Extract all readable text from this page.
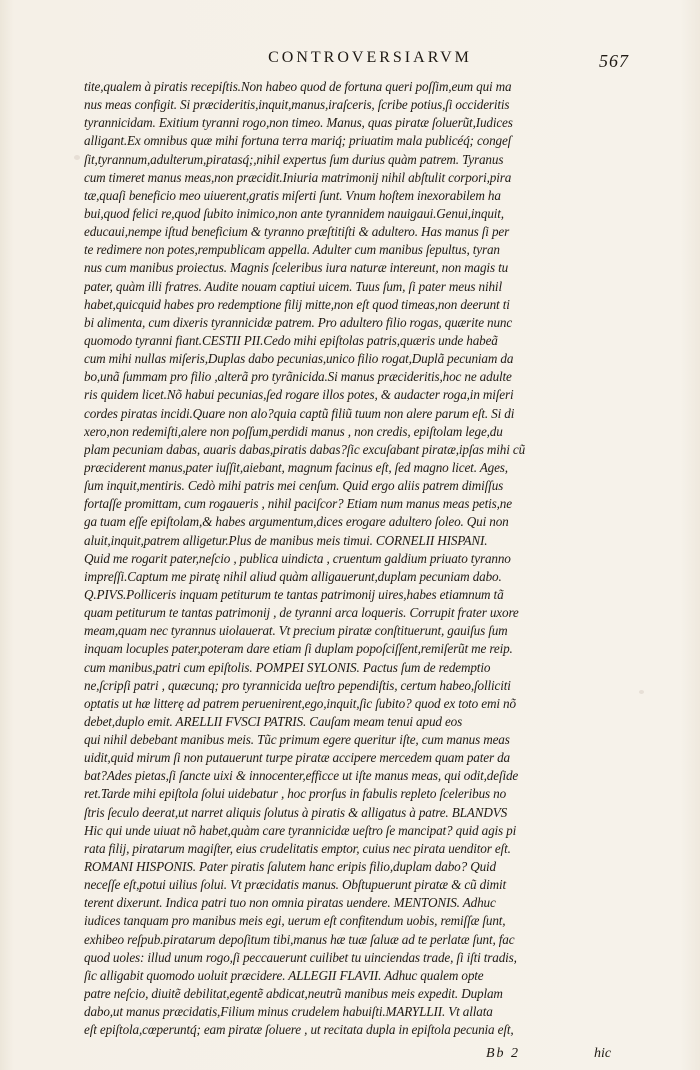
CONTROVERSIARVM	567
tite,qualem à piratis recepiſtis.Non habeo quod de fortuna queri poſſim,eum qui ma
nus meas configit. Si præcideritis,inquit,manus,iraſceris, ſcribe potius,ſi occideritis
tyrannicidam. Exitium tyranni rogo,non timeo. Manus, quas piratæ ſoluerũt,Iudices
alligant.Ex omnibus quæ mihi fortuna terra mariq́; priuatim mala publicéq́; congeſ
ſit,tyrannum,adulterum,piratasq́;,nihil expertus ſum durius quàm patrem. Tyranus
cum timeret manus meas,non præcidit.Iniuria matrimonij nihil abſtulit corpori,pira
tæ,quaſi beneficio meo uiuerent,gratis miſerti ſunt. Vnum hoſtem inexorabilem ha
bui,quod felici re,quod ſubito inimico,non ante tyrannidem nauigaui.Genui,inquit,
educaui,nempe iſtud beneficium & tyranno præſtitiſti & adultero. Has manus ſi per
te redimere non potes,rempublicam appella. Adulter cum manibus ſepultus, tyran
nus cum manibus proiectus. Magnis ſceleribus iura naturæ intereunt, non magis tu
pater, quàm illi fratres. Audite nouam captiui uicem. Tuus ſum, ſi pater meus nihil
habet,quicquid habes pro redemptione filij mitte,non eſt quod timeas,non deerunt ti
bi alimenta, cum dixeris tyrannicidæ patrem. Pro adultero filio rogas, quærite nunc
quomodo tyranni fiant.CESTII PII.Cedo mihi epiſtolas patris,quæris unde habeã
cum mihi nullas miſeris,Duplas dabo pecunias,unico filio rogat,Duplã pecuniam da
bo,unã ſummam pro filio ,alterã pro tyrãnicida.Si manus præcideritis,hoc ne adulte
ris quidem licet.Nõ habui pecunias,ſed rogare illos potes, & audacter roga,in miſeri
cordes piratas incidi.Quare non alo?quia captũ filiũ tuum non alere parum eſt. Si di
xero,non redemiſti,alere non poſſum,perdidi manus , non credis, epiſtolam lege,du
plam pecuniam dabas, auaris dabas,piratis dabas?ſic excuſabant piratæ,ipſas mihi cũ
præciderent manus,pater iuſſit,aiebant, magnum facinus eſt, ſed magno licet. Ages,
ſum inquit,mentiris. Cedò mihi patris mei cenſum. Quid ergo aliis patrem dimiſſus
fortaſſe promittam, cum rogaueris , nihil paciſcor? Etiam num manus meas petis,ne
ga tuam eſſe epiſtolam,& habes argumentum,dices erogare adultero ſoleo. Qui non
aluit,inquit,patrem alligetur.Plus de manibus meis timui. CORNELII HISPANI.
Quid me rogarit pater,neſcio , publica uindicta , cruentum galdium priuato tyranno
impreſſi.Captum me piratę nihil aliud quàm alligauerunt,duplam pecuniam dabo.
Q.PIVS.Polliceris inquam petiturum te tantas patrimonij uires,habes etiamnum tã
quam petiturum te tantas patrimonij , de tyranni arca loqueris. Corrupit frater uxore
meam,quam nec tyrannus uiolauerat. Vt precium piratæ conſtituerunt, gauiſus ſum
inquam locuples pater,poteram dare etiam ſi duplam popoſciſſent,remiſerũt me reip.
cum manibus,patri cum epiſtolis. POMPEI SYLONIS. Pactus ſum de redemptio
ne,ſcripſi patri , quæcunq; pro tyrannicida ueſtro pependiſtis, certum habeo,ſolliciti
optatis ut hæ litterę ad patrem peruenirent,ego,inquit,ſic ſubito? quod ex toto emi nõ
debet,duplo emit. ARELLII FVSCI PATRIS. Cauſam meam tenui apud eos
qui nihil debebant manibus meis. Tũc primum egere queritur iſte, cum manus meas
uidit,quid mirum ſi non putauerunt turpe piratæ accipere mercedem quam pater da
bat?Ades pietas,ſi ſancte uixi & innocenter,efficce ut iſte manus meas, qui odit,deſide
ret.Tarde mihi epiſtola ſolui uidebatur , hoc prorſus in fabulis repleto ſceleribus no
ſtris ſeculo deerat,ut narret aliquis ſolutus à piratis & alligatus à patre. BLANDVS
Hic qui unde uiuat nõ habet,quàm care tyrannicidæ ueſtro ſe mancipat? quid agis pi
rata filij, piratarum magiſter, eius crudelitatis emptor, cuius nec pirata uenditor eſt.
ROMANI HISPONIS. Pater piratis ſalutem hanc eripis filio,duplam dabo? Quid
neceſſe eſt,potui uilius ſolui. Vt præcidatis manus. Obſtupuerunt piratæ & cũ dimit
terent dixerunt. Indica patri tuo non omnia piratas uendere. MENTONIS. Adhuc
iudices tanquam pro manibus meis egi, uerum eſt confitendum uobis, remiſſæ ſunt,
exhibeo reſpub.piratarum depoſitum tibi,manus hæ tuæ ſaluæ ad te perlatæ ſunt, fac
quod uoles: illud unum rogo,ſi peccauerunt cuilibet tu uinciendas trade, ſi iſti tradis,
ſic alligabit quomodo uoluit præcidere. ALLEGII FLAVII. Adhuc qualem opte
patre neſcio, diuitẽ debilitat,egentẽ abdicat,neutrũ manibus meis expedit. Duplam
dabo,ut manus præcidatis,Filium minus crudelem habuiſti.MARYLLII. Vt allata
eſt epiſtola,cœperuntq́; eam piratæ ſoluere , ut recitata dupla in epiſtola pecunia eſt,
Bb 2	hic
